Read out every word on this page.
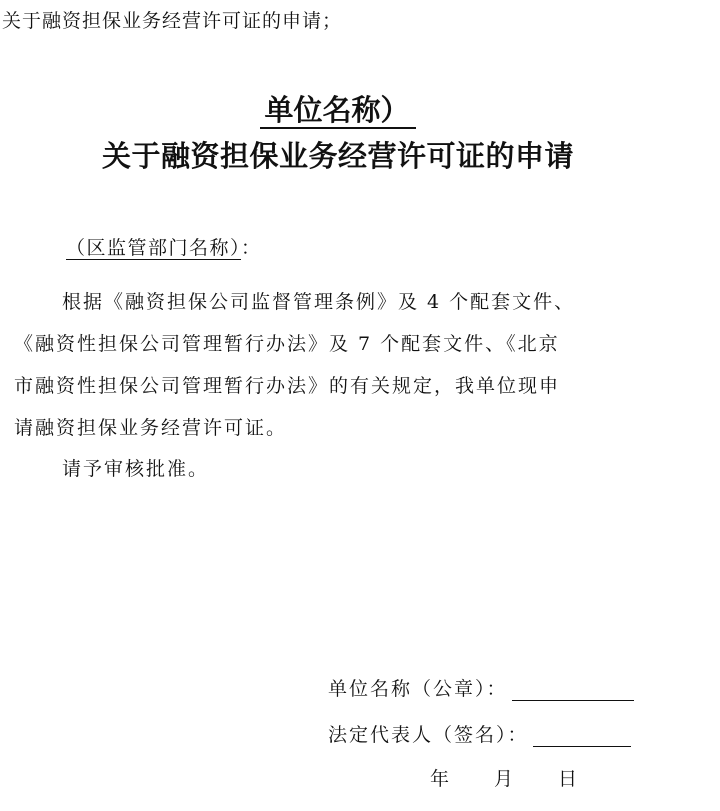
关于融资担保业务经营许可证的申请；
单位名称）
关于融资担保业务经营许可证的申请
（区监管部门名称）：
根据《融资担保公司监督管理条例》及 4 个配套文件、
《融资性担保公司管理暂行办法》及 7 个配套文件、《北京
市融资性担保公司管理暂行办法》的有关规定，我单位现申
请融资担保业务经营许可证。
请予审核批准。
单位名称（公章）：
法定代表人（签名）：
年 月 日
